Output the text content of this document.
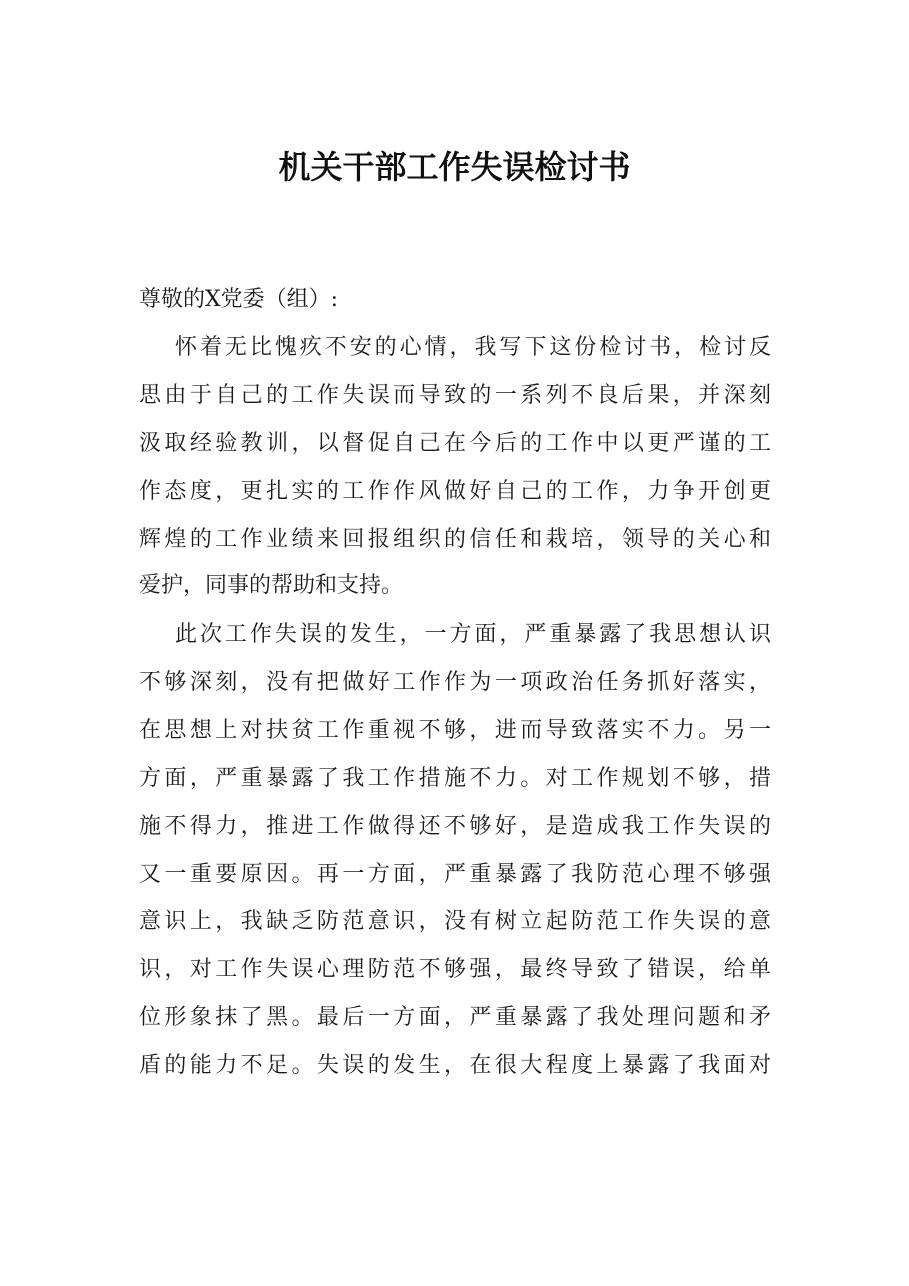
机关干部工作失误检讨书
尊敬的X党委（组）:
怀着无比愧疚不安的心情，我写下这份检讨书，检讨反
思由于自己的工作失误而导致的一系列不良后果，并深刻
汲取经验教训，以督促自己在今后的工作中以更严谨的工
作态度，更扎实的工作作风做好自己的工作，力争开创更
辉煌的工作业绩来回报组织的信任和栽培，领导的关心和
爱护，同事的帮助和支持。
此次工作失误的发生，一方面，严重暴露了我思想认识
不够深刻，没有把做好工作作为一项政治任务抓好落实，
在思想上对扶贫工作重视不够，进而导致落实不力。另一
方面，严重暴露了我工作措施不力。对工作规划不够，措
施不得力，推进工作做得还不够好，是造成我工作失误的
又一重要原因。再一方面，严重暴露了我防范心理不够强
意识上，我缺乏防范意识，没有树立起防范工作失误的意
识，对工作失误心理防范不够强，最终导致了错误，给单
位形象抹了黑。最后一方面，严重暴露了我处理问题和矛
盾的能力不足。失误的发生，在很大程度上暴露了我面对
